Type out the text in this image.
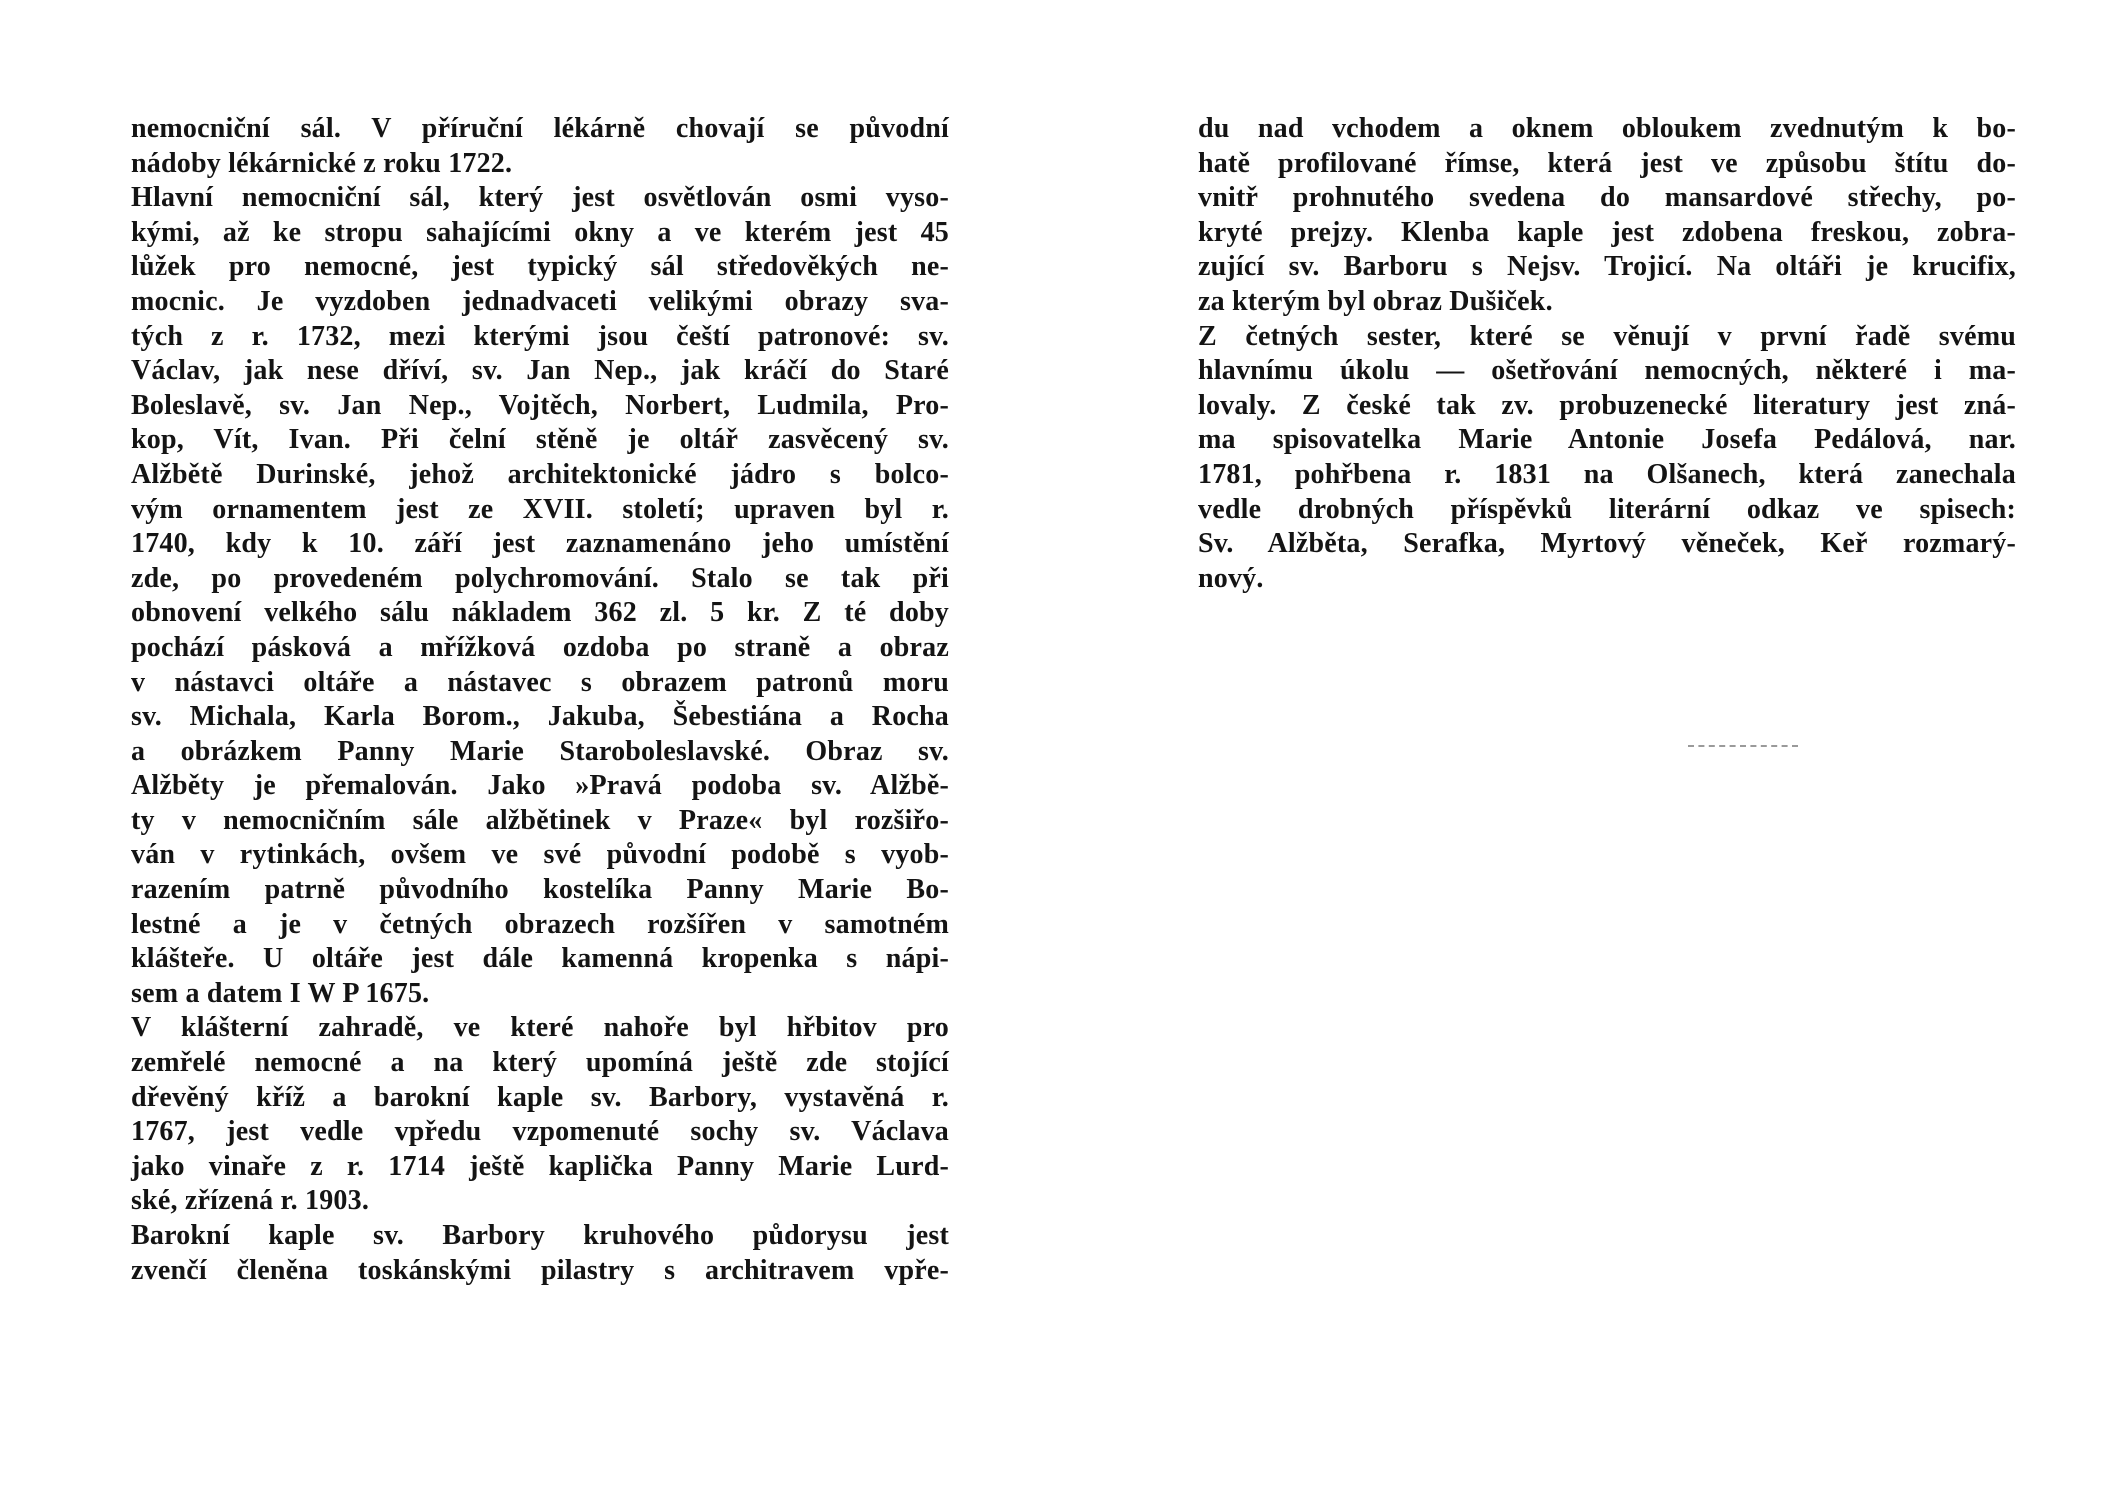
nemocniční sál. V příruční lékárně chovají se původní
nádoby lékárnické z roku 1722.
Hlavní nemocniční sál, který jest osvětlován osmi vyso-
kými, až ke stropu sahajícími okny a ve kterém jest 45
lůžek pro nemocné, jest typický sál středověkých ne-
mocnic. Je vyzdoben jednadvaceti velikými obrazy sva-
tých z r. 1732, mezi kterými jsou čeští patronové: sv.
Václav, jak nese dříví, sv. Jan Nep., jak kráčí do Staré
Boleslavě, sv. Jan Nep., Vojtěch, Norbert, Ludmila, Pro-
kop, Vít, Ivan. Při čelní stěně je oltář zasvěcený sv.
Alžbětě Durinské, jehož architektonické jádro s bolco-
vým ornamentem jest ze XVII. století; upraven byl r.
1740, kdy k 10. září jest zaznamenáno jeho umístění
zde, po provedeném polychromování. Stalo se tak při
obnovení velkého sálu nákladem 362 zl. 5 kr. Z té doby
pochází pásková a mřížková ozdoba po straně a obraz
v nástavci oltáře a nástavec s obrazem patronů moru
sv. Michala, Karla Borom., Jakuba, Šebestiána a Rocha
a obrázkem Panny Marie Staroboleslavské. Obraz sv.
Alžběty je přemalován. Jako »Pravá podoba sv. Alžbě-
ty v nemocničním sále alžbětinek v Praze« byl rozšiřo-
ván v rytinkách, ovšem ve své původní podobě s vyob-
razením patrně původního kostelíka Panny Marie Bo-
lestné a je v četných obrazech rozšířen v samotném
klášteře. U oltáře jest dále kamenná kropenka s nápi-
sem a datem I W P 1675.
V klášterní zahradě, ve které nahoře byl hřbitov pro
zemřelé nemocné a na který upomíná ještě zde stojící
dřevěný kříž a barokní kaple sv. Barbory, vystavěná r.
1767, jest vedle vpředu vzpomenuté sochy sv. Václava
jako vinaře z r. 1714 ještě kaplička Panny Marie Lurd-
ské, zřízená r. 1903.
Barokní kaple sv. Barbory kruhového půdorysu jest
zvenčí členěna toskánskými pilastry s architravem vpře-
du nad vchodem a oknem obloukem zvednutým k bo-
hatě profilované římse, která jest ve způsobu štítu do-
vnitř prohnutého svedena do mansardové střechy, po-
kryté prejzy. Klenba kaple jest zdobena freskou, zobra-
zující sv. Barboru s Nejsv. Trojicí. Na oltáři je krucifix,
za kterým byl obraz Dušiček.
Z četných sester, které se věnují v první řadě svému
hlavnímu úkolu — ošetřování nemocných, některé i ma-
lovaly. Z české tak zv. probuzenecké literatury jest zná-
ma spisovatelka Marie Antonie Josefa Pedálová, nar.
1781, pohřbena r. 1831 na Olšanech, která zanechala
vedle drobných příspěvků literární odkaz ve spisech:
Sv. Alžběta, Serafka, Myrtový věneček, Keř rozmarý-
nový.
